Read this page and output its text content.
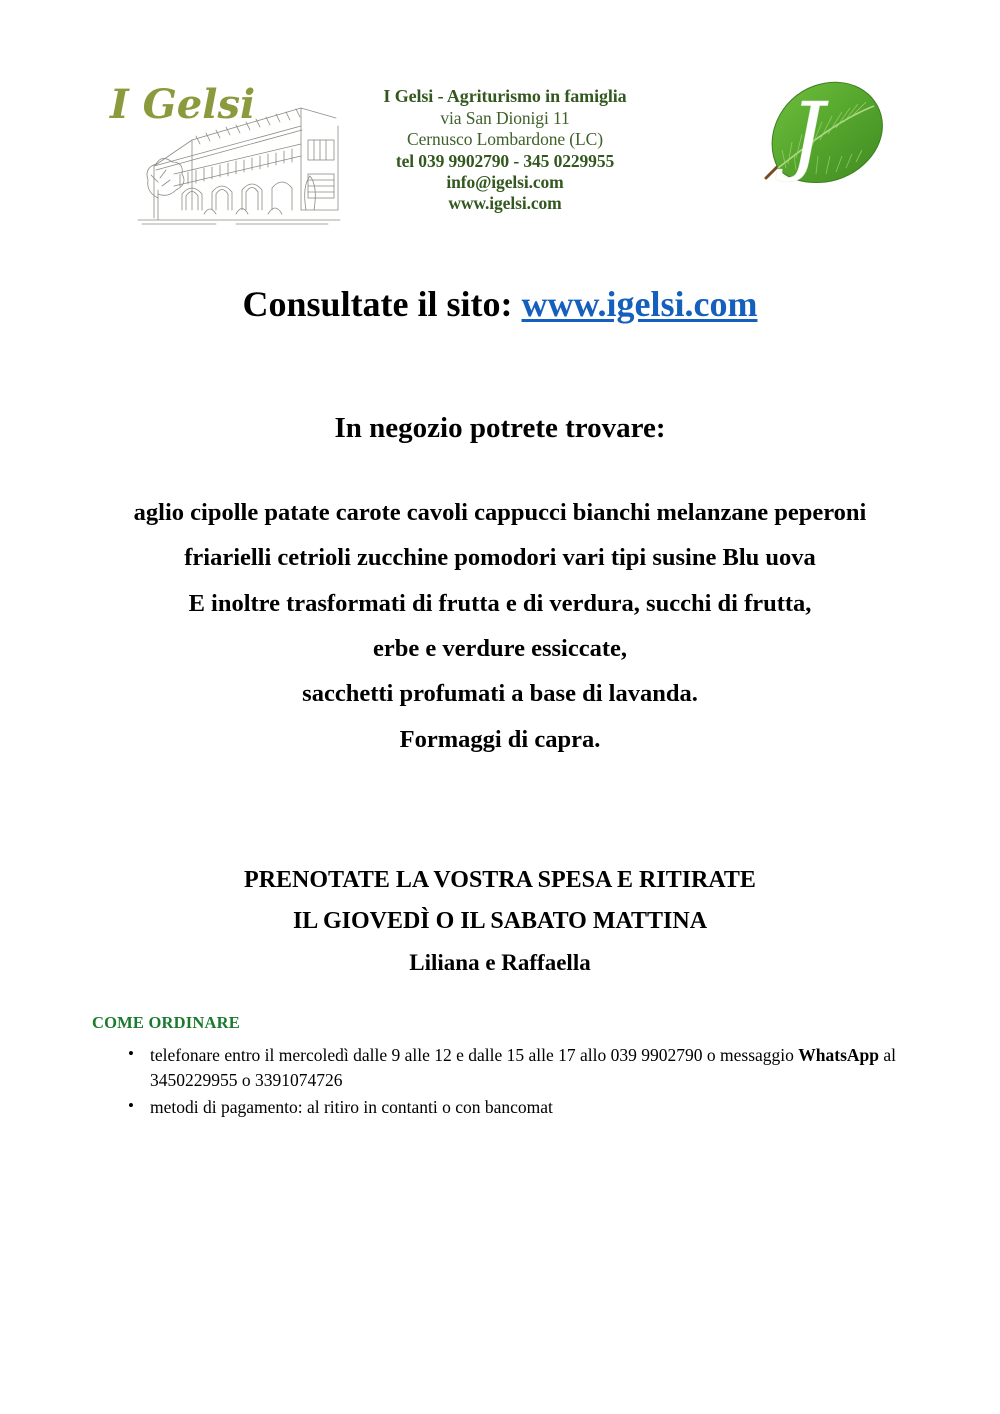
I Gelsi	I Gelsi - Agriturismo in famiglia
via San Dionigi 11
Cernusco Lombardone (LC)
tel 039 9902790 - 345 0229955
info@igelsi.com
www.igelsi.com
J
Consultate il sito: www.igelsi.com
In negozio potrete trovare:
aglio cipolle patate carote cavoli cappucci bianchi melanzane peperoni
friarielli cetrioli zucchine pomodori vari tipi susine Blu uova
E inoltre trasformati di frutta e di verdura, succhi di frutta,
erbe e verdure essiccate,
sacchetti profumati a base di lavanda.
Formaggi di capra.
PRENOTATE LA VOSTRA SPESA E RITIRATE
IL GIOVEDÌ O IL SABATO MATTINA
Liliana e Raffaella
COME ORDINARE
• telefonare entro il mercoledì dalle 9 alle 12 e dalle 15 alle 17 allo 039 9902790 o messaggio WhatsApp al 3450229955 o 3391074726
• metodi di pagamento: al ritiro in contanti o con bancomat
